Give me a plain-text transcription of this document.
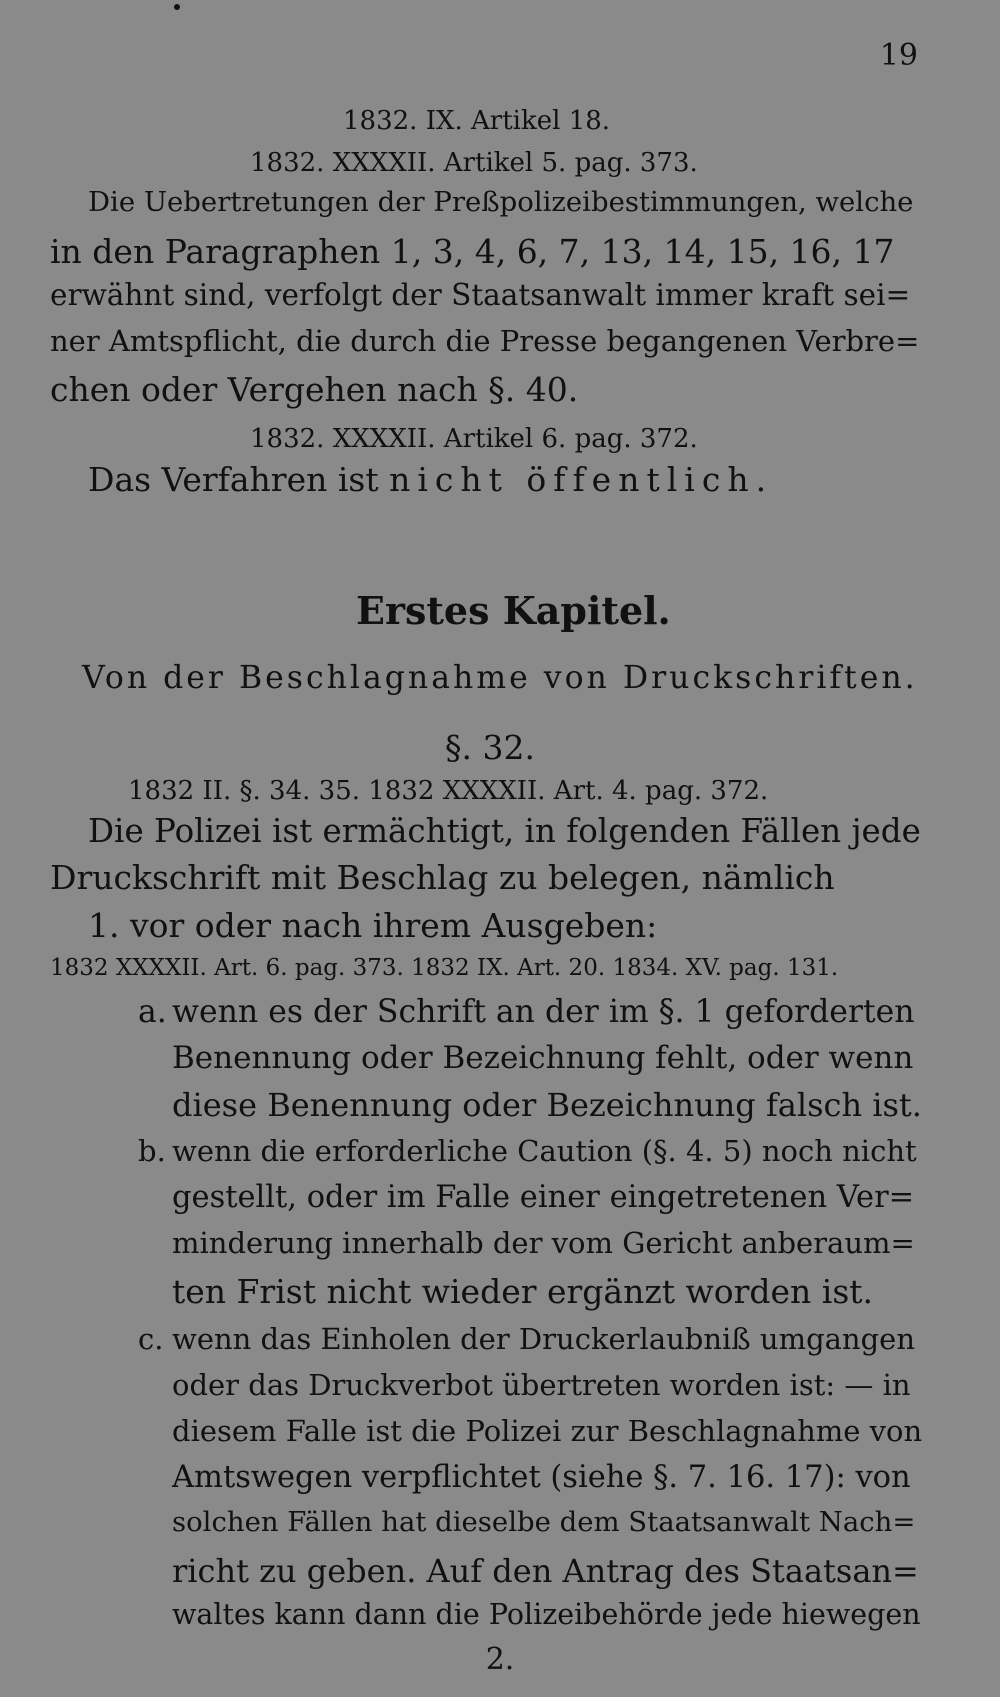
19

1832. IX. Artikel 18.

1832. XXXXII. Artikel 5. pag. 373.

Die Uebertretungen der Preßpolizeibestimmungen, welche

in den Paragraphen 1, 3, 4, 6, 7, 13, 14, 15, 16, 17

erwähnt sind, verfolgt der Staatsanwalt immer kraft sei=

ner Amtspflicht, die durch die Presse begangenen Verbre=

chen oder Vergehen nach §. 40.

1832. XXXXII. Artikel 6. pag. 372.

Das Verfahren ist nicht öffentlich.

Erstes Kapitel.

Von der Beschlagnahme von Druckschriften.

§. 32.

1832 II. §. 34. 35. 1832 XXXXII. Art. 4. pag. 372.

Die Polizei ist ermächtigt, in folgenden Fällen jede

Druckschrift mit Beschlag zu belegen, nämlich

1. vor oder nach ihrem Ausgeben:

1832 XXXXII. Art. 6. pag. 373. 1832 IX. Art. 20. 1834. XV. pag. 131.

a. wenn es der Schrift an der im §. 1 geforderten

Benennung oder Bezeichnung fehlt, oder wenn

diese Benennung oder Bezeichnung falsch ist.

b. wenn die erforderliche Caution (§. 4. 5) noch nicht

gestellt, oder im Falle einer eingetretenen Ver=

minderung innerhalb der vom Gericht anberaum=

ten Frist nicht wieder ergänzt worden ist.

c. wenn das Einholen der Druckerlaubniß umgangen

oder das Druckverbot übertreten worden ist: — in

diesem Falle ist die Polizei zur Beschlagnahme von

Amtswegen verpflichtet (siehe §. 7. 16. 17): von

solchen Fällen hat dieselbe dem Staatsanwalt Nach=

richt zu geben. Auf den Antrag des Staatsan=

waltes kann dann die Polizeibehörde jede hiewegen

2.
